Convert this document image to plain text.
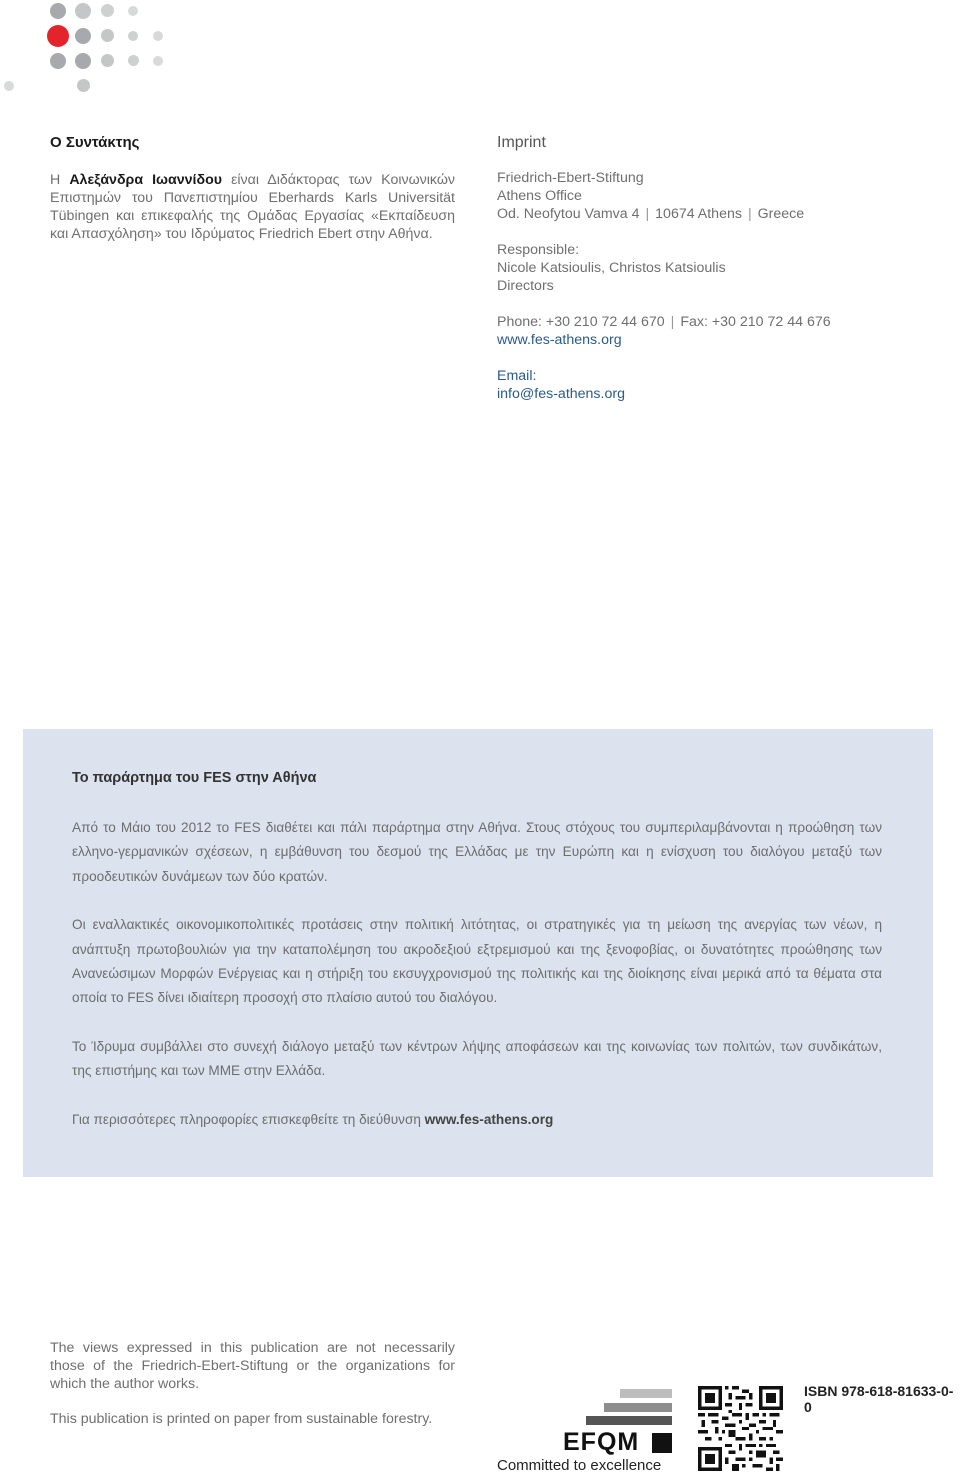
Ο Συντάκτης
Η Αλεξάνδρα Ιωαννίδου είναι Διδάκτορας των Κοινωνικών Επιστημών του Πανεπιστημίου Eberhards Karls Universität Tübingen και επικεφαλής της Ομάδας Εργασίας «Εκπαίδευση και Απασχόληση» του Ιδρύματος Friedrich Ebert στην Αθήνα.
Imprint
Friedrich-Ebert-Stiftung
Athens Office
Od. Neofytou Vamva 4 | 10674 Athens | Greece
Responsible:
Nicole Katsioulis, Christos Katsioulis
Directors
Phone: +30 210 72 44 670 | Fax: +30 210 72 44 676
www.fes-athens.org
Email:
info@fes-athens.org

Το παράρτημα του FES στην Αθήνα

Από το Μάιο του 2012 το FES διαθέτει και πάλι παράρτημα στην Αθήνα. Στους στόχους του συμπεριλαμβάνονται η προώθηση των ελληνο-γερμανικών σχέσεων, η εμβάθυνση του δεσμού της Ελλάδας με την Ευρώπη και η ενίσχυση του διαλόγου μεταξύ των προοδευτικών δυνάμεων των δύο κρατών.

Οι εναλλακτικές οικονομικοπολιτικές προτάσεις στην πολιτική λιτότητας, οι στρατηγικές για τη μείωση της ανεργίας των νέων, η ανάπτυξη πρωτοβουλιών για την καταπολέμηση του ακροδεξιού εξτρεμισμού και της ξενοφοβίας, οι δυνατότητες προώθησης των Ανανεώσιμων Μορφών Ενέργειας και η στήριξη του εκσυγχρονισμού της πολιτικής και της διοίκησης είναι μερικά από τα θέματα στα οποία το FES δίνει ιδιαίτερη προσοχή στο πλαίσιο αυτού του διαλόγου.

Το Ίδρυμα συμβάλλει στο συνεχή διάλογο μεταξύ των κέντρων λήψης αποφάσεων και της κοινωνίας των πολιτών, των συνδικάτων, της επιστήμης και των ΜΜΕ στην Ελλάδα.

Για περισσότερες πληροφορίες επισκεφθείτε τη διεύθυνση www.fes-athens.org

The views expressed in this publication are not necessarily those of the Friedrich-Ebert-Stiftung or the organizations for which the author works.
This publication is printed on paper from sustainable forestry.
EFQM
Committed to excellence
ISBN 978-618-81633-0-0
